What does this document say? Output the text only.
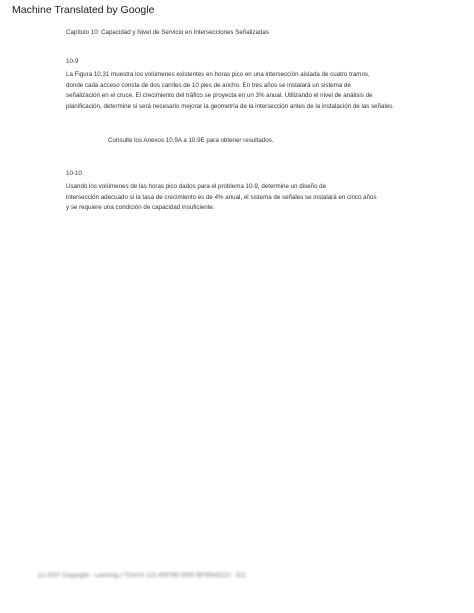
Machine Translated by Google
Capítulo 10: Capacidad y Nivel de Servicio en Intersecciones Señalizadas
10-9
La Figura 10.31 muestra los volúmenes existentes en horas pico en una intersección aislada de cuatro tramos,
donde cada acceso consta de dos carriles de 10 pies de ancho. En tres años se instalará un sistema de
señalización en el cruce. El crecimiento del tráfico se proyecta en un 3% anual. Utilizando el nivel de análisis de
planificación, determine si será necesario mejorar la geometría de la intersección antes de la instalación de las señales.
Consulte los Anexos 10.9A a 10.9E para obtener resultados.
10-10
Usando los volúmenes de las horas pico dados para el problema 10-9, determine un diseño de
intersección adecuado si la tasa de crecimiento es de 4% anual, el sistema de señales se instalará en cinco años
y se requiere una condición de capacidad insuficiente.
(c) 2007 Copyright - Learning | TOAXX 123 456789 0000 9876543210 - 321
